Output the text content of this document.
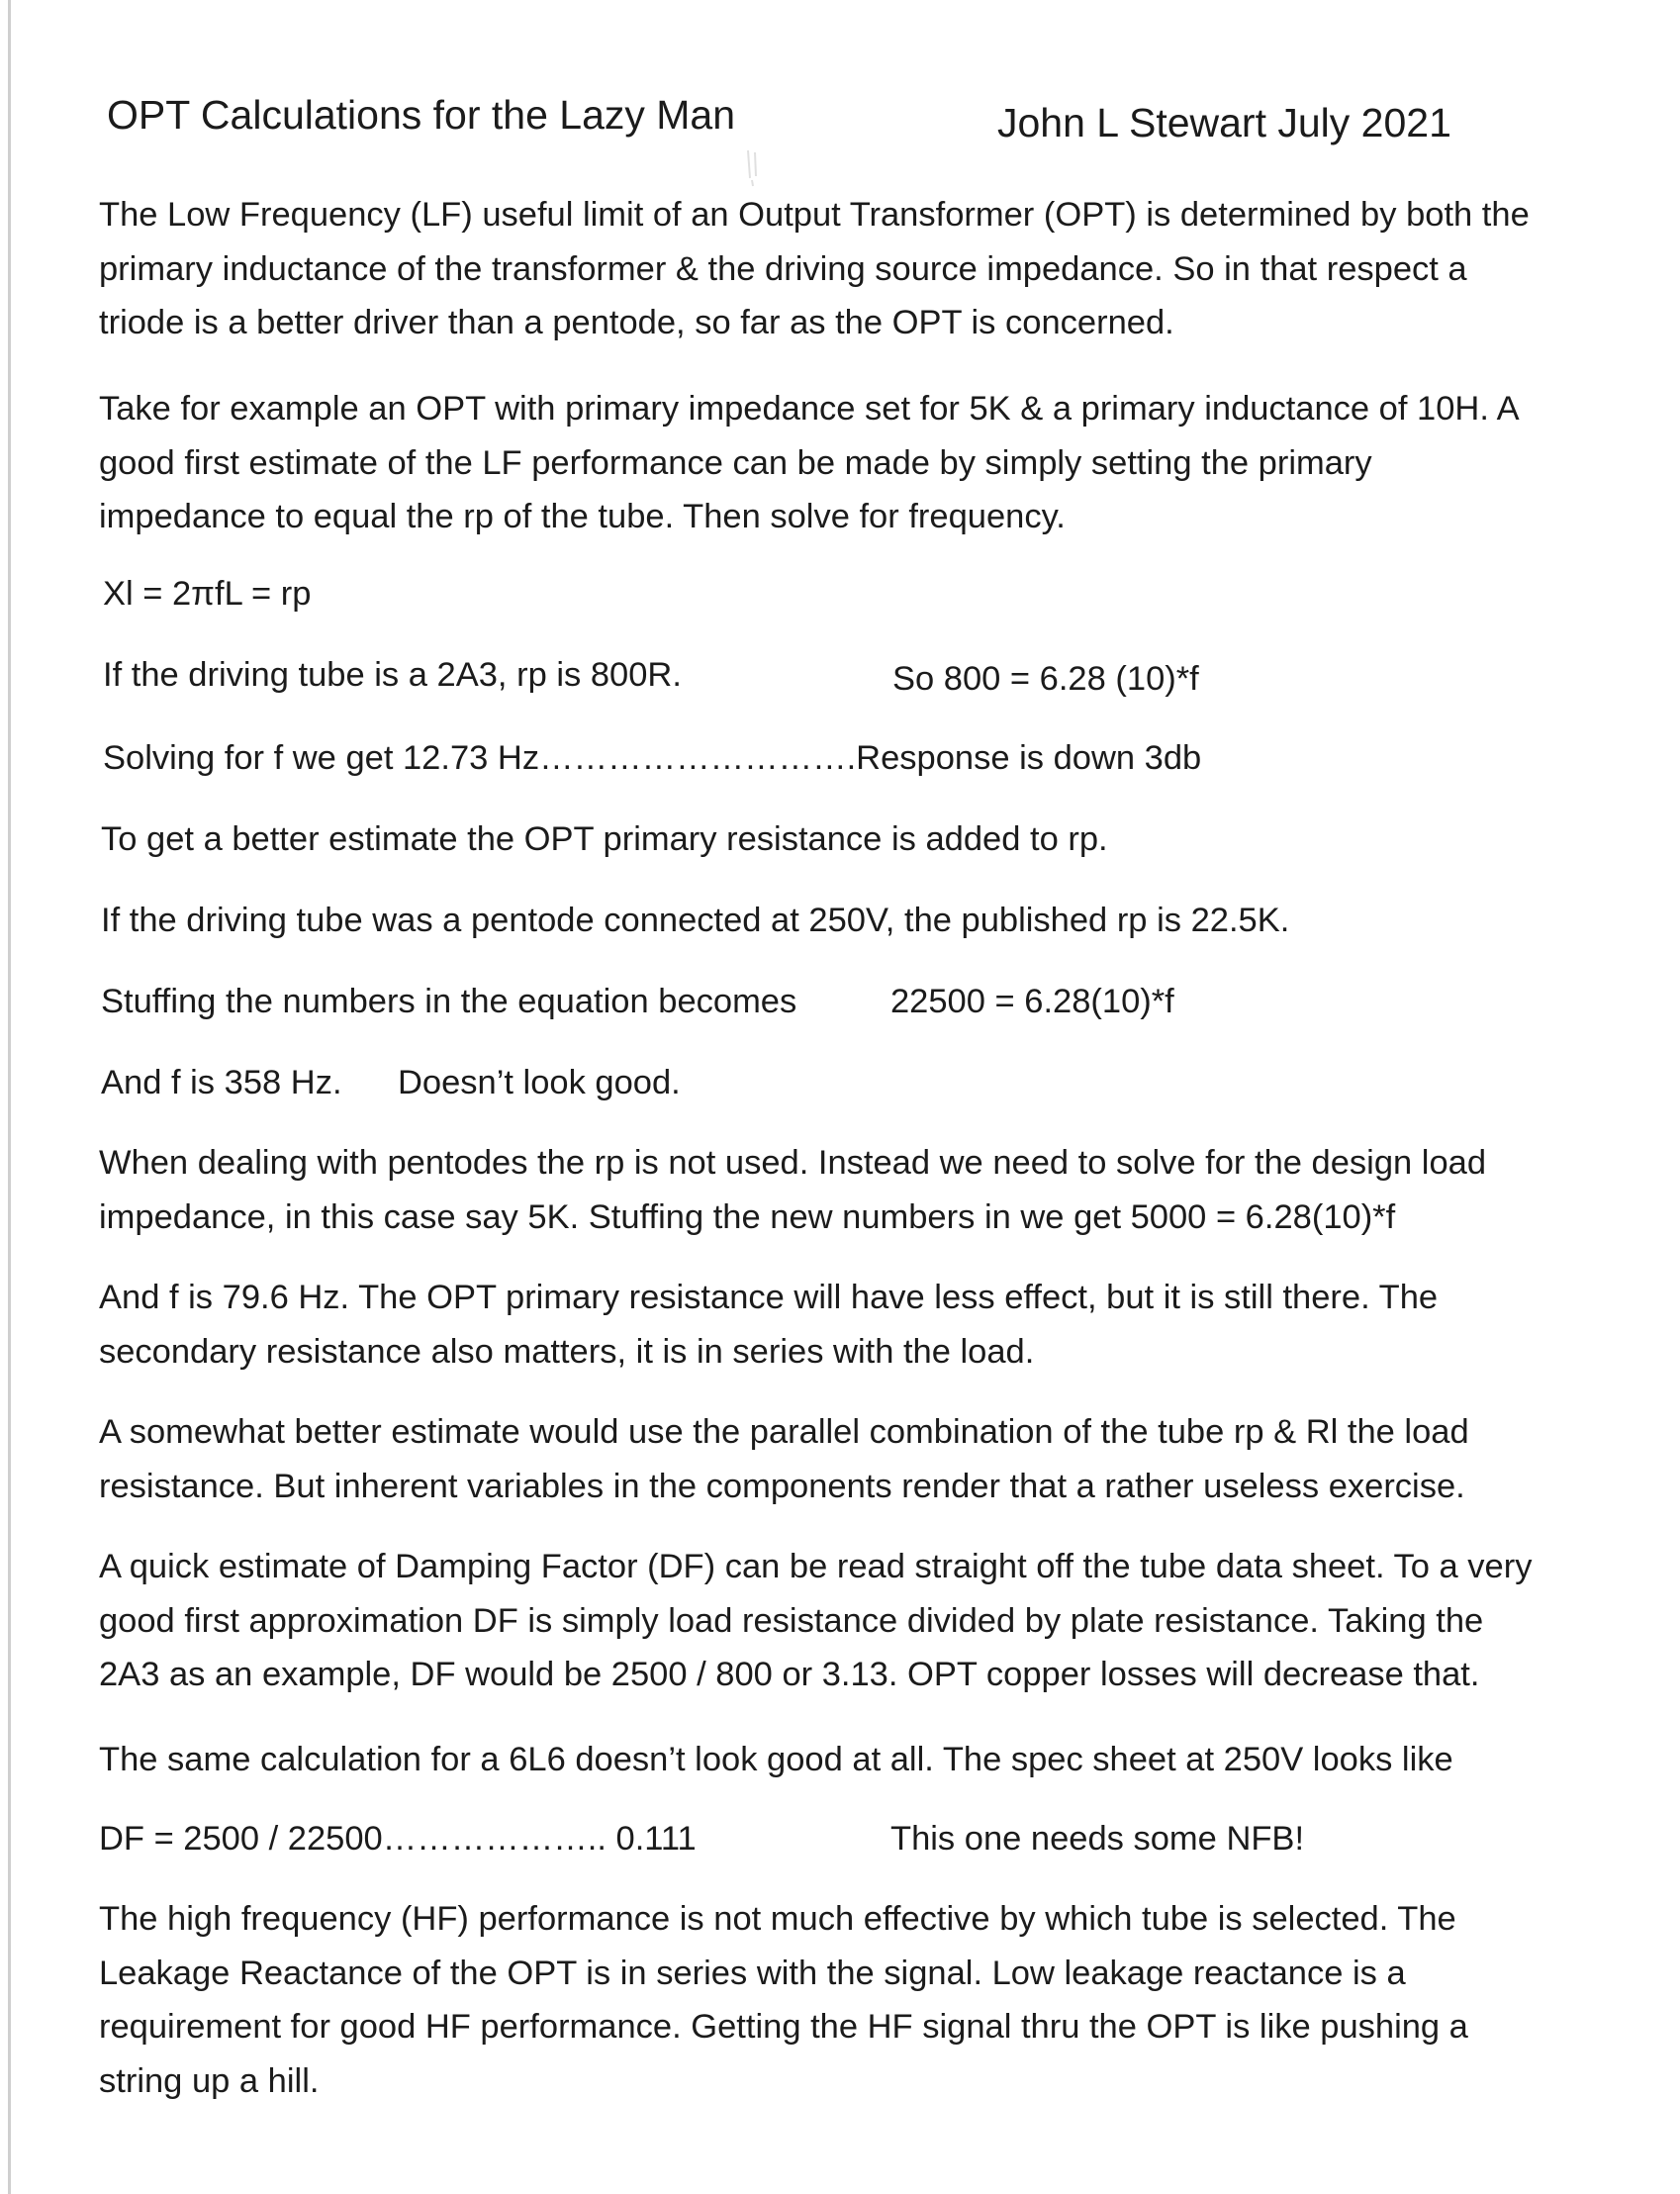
OPT Calculations for the Lazy Man	John L Stewart July 2021

The Low Frequency (LF) useful limit of an Output Transformer (OPT) is determined by both the
primary inductance of the transformer & the driving source impedance. So in that respect a
triode is a better driver than a pentode, so far as the OPT is concerned.

Take for example an OPT with primary impedance set for 5K & a primary inductance of 10H. A
good first estimate of the LF performance can be made by simply setting the primary
impedance to equal the rp of the tube. Then solve for frequency.

Xl = 2πfL = rp
If the driving tube is a 2A3, rp is 800R.	So 800 = 6.28 (10)*f
Solving for f we get 12.73 Hz……………………….Response is down 3db
To get a better estimate the OPT primary resistance is added to rp.
If the driving tube was a pentode connected at 250V, the published rp is 22.5K.
Stuffing the numbers in the equation becomes	22500 = 6.28(10)*f
And f is 358 Hz. Doesn’t look good.

When dealing with pentodes the rp is not used. Instead we need to solve for the design load
impedance, in this case say 5K. Stuffing the new numbers in we get 5000 = 6.28(10)*f

And f is 79.6 Hz. The OPT primary resistance will have less effect, but it is still there. The
secondary resistance also matters, it is in series with the load.

A somewhat better estimate would use the parallel combination of the tube rp & Rl the load
resistance. But inherent variables in the components render that a rather useless exercise.

A quick estimate of Damping Factor (DF) can be read straight off the tube data sheet. To a very
good first approximation DF is simply load resistance divided by plate resistance. Taking the
2A3 as an example, DF would be 2500 / 800 or 3.13. OPT copper losses will decrease that.

The same calculation for a 6L6 doesn’t look good at all. The spec sheet at 250V looks like
DF = 2500 / 22500……………….. 0.111	This one needs some NFB!

The high frequency (HF) performance is not much effective by which tube is selected. The
Leakage Reactance of the OPT is in series with the signal. Low leakage reactance is a
requirement for good HF performance. Getting the HF signal thru the OPT is like pushing a
string up a hill.
